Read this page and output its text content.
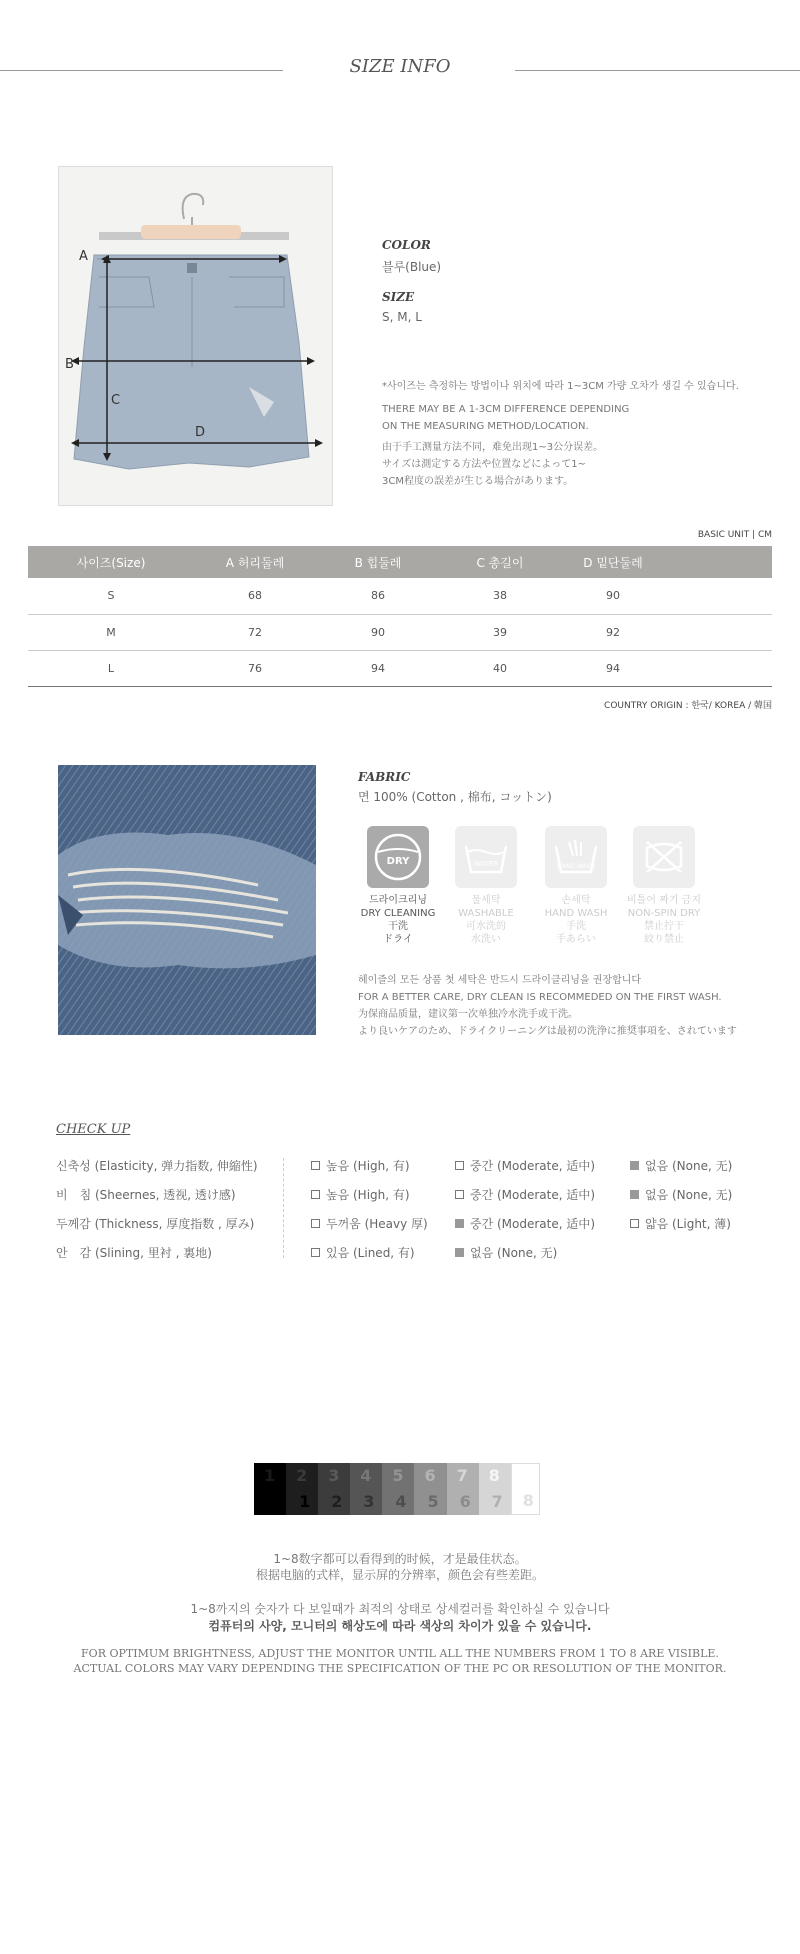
SIZE INFO
A
B
C
D
COLOR
블루(Blue)
SIZE
S, M, L
*사이즈는 측정하는 방법이나 위치에 따라 1~3CM 가량 오차가 생길 수 있습니다.
THERE MAY BE A 1-3CM DIFFERENCE DEPENDING
ON THE MEASURING METHOD/LOCATION.
由于手工测量方法不同，难免出现1~3公分误差。
サイズは測定する方法や位置などによって1~
3CM程度の誤差が生じる場合があります。
BASIC UNIT | CM
사이즈(Size)	A 허리둘레	B 힙둘레	C 총길이	D 밑단둘레	
S	68	86	38	90	
M	72	90	39	92	
L	76	94	40	94	
COUNTRY ORIGIN : 한국/ KOREA / 韓国
FABRIC
면 100% (Cotton , 棉布, コットン)
DRY
드라이크리닝
DRY CLEANING
干洗
ドライ
WATER
물세탁
WASHABLE
可水洗的
水洗い
HAND WASH
손세탁
HAND WASH
手洗
手あらい
비틀어 짜기 금지
NON-SPIN DRY
禁止拧干
絞り禁止
헤이즐의 모든 상품 첫 세탁은 반드시 드라이클리닝을 권장합니다
FOR A BETTER CARE, DRY CLEAN IS RECOMMEDED ON THE FIRST WASH.
为保商品质量，建议第一次单独冷水洗手或干洗。
より良いケアのため、ドライクリーニングは最初の洗浄に推奨事項を、されています
CHECK UP
신축성 (Elasticity, 弹力指数, 伸縮性)	높음 (High, 有)	중간 (Moderate, 适中)	없음 (None, 无)
비　침 (Sheernes, 透视, 透け感)	높음 (High, 有)	중간 (Moderate, 适中)	없음 (None, 无)
두께감 (Thickness, 厚度指数 , 厚み)	두꺼움 (Heavy 厚)	중간 (Moderate, 适中)	얇음 (Light, 薄)
안　감 (Slining, 里衬 , 裏地)	있음 (Lined, 有)	없음 (None, 无)
1 2
1
3
2
4
3
5
4
6
5
7
6
8
7 8
1~8数字都可以看得到的时候，才是最佳状态。
根据电脑的式样，显示屏的分辨率，颜色会有些差距。
1~8까지의 숫자가 다 보일때가 최적의 상태로 상세컬러를 확인하실 수 있습니다
컴퓨터의 사양, 모니터의 해상도에 따라 색상의 차이가 있을 수 있습니다.
FOR OPTIMUM BRIGHTNESS, ADJUST THE MONITOR UNTIL ALL THE NUMBERS FROM 1 TO 8 ARE VISIBLE.
ACTUAL COLORS MAY VARY DEPENDING THE SPECIFICATION OF THE PC OR RESOLUTION OF THE MONITOR.
